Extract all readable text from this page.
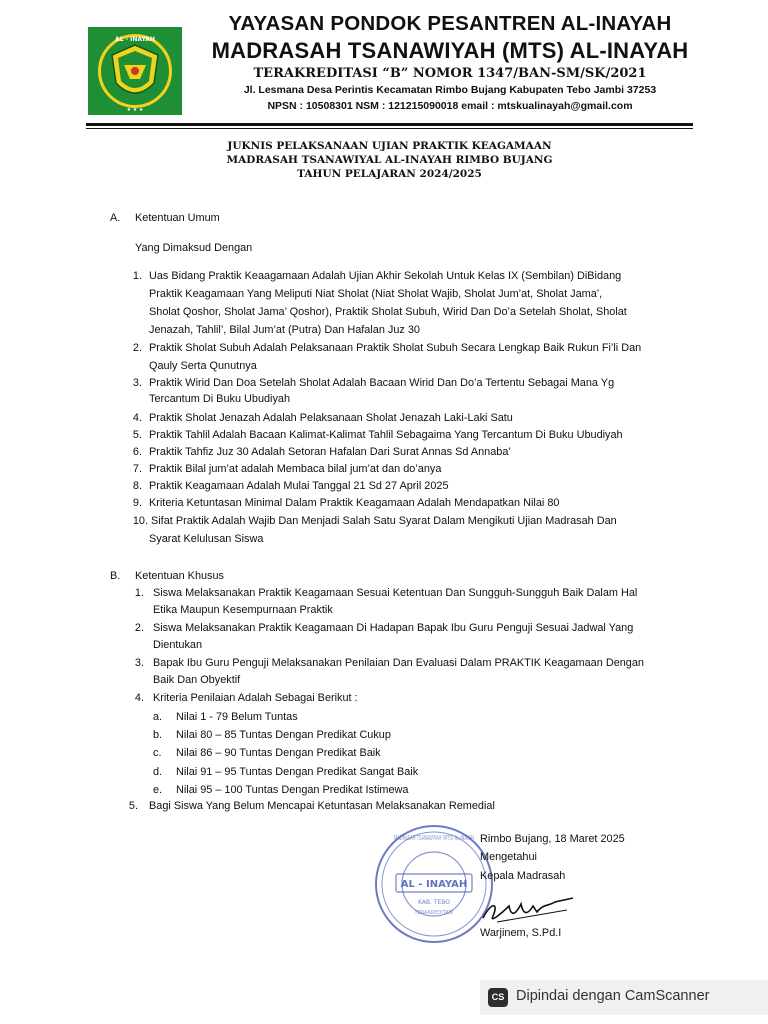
AL - INAYAH
★ ★ ★
YAYASAN PONDOK PESANTREN AL-INAYAH
MADRASAH TSANAWIYAH (MTS) AL-INAYAH
TERAKREDITASI “B” NOMOR 1347/BAN-SM/SK/2021
Jl. Lesmana Desa Perintis Kecamatan Rimbo Bujang Kabupaten Tebo Jambi 37253
NPSN : 10508301 NSM : 121215090018 email : mtskualinayah@gmail.com
JUKNIS PELAKSANAAN UJIAN PRAKTIK KEAGAMAAN
MADRASAH TSANAWIYAL AL-INAYAH RIMBO BUJANG
TAHUN PELAJARAN 2024/2025
A. Ketentuan Umum
Yang Dimaksud Dengan
1. Uas Bidang Praktik Keaagamaan Adalah Ujian Akhir Sekolah Untuk Kelas IX (Sembilan) DiBidang
Praktik Keagamaan Yang Meliputi Niat Sholat (Niat Sholat Wajib, Sholat Jum’at, Sholat Jama’,
Sholat Qoshor, Sholat Jama’ Qoshor), Praktik Sholat Subuh, Wirid Dan Do’a Setelah Sholat, Sholat
Jenazah, Tahlil’, Bilal Jum’at (Putra) Dan Hafalan Juz 30
2. Praktik Sholat Subuh Adalah Pelaksanaan Praktik Sholat Subuh Secara Lengkap Baik Rukun Fi’li Dan
Qauly Serta Qunutnya
3. Praktik Wirid Dan Doa Setelah Sholat Adalah Bacaan Wirid Dan Do’a Tertentu Sebagai Mana Yg
Tercantum Di Buku Ubudiyah
4. Praktik Sholat Jenazah Adalah Pelaksanaan Sholat Jenazah Laki-Laki Satu
5. Praktik Tahlil Adalah Bacaan Kalimat-Kalimat Tahlil Sebagaima Yang Tercantum Di Buku Ubudiyah
6. Praktik Tahfiz Juz 30 Adalah Setoran Hafalan Dari Surat Annas Sd Annaba’
7. Praktik Bilal jum’at adalah Membaca bilal jum’at dan do’anya
8. Praktik Keagamaan Adalah Mulai Tanggal 21 Sd 27 April 2025
9. Kriteria Ketuntasan Minimal Dalam Praktik Keagamaan Adalah Mendapatkan Nilai 80
10. Sifat Praktik Adalah Wajib Dan Menjadi Salah Satu Syarat Dalam Mengikuti Ujian Madrasah Dan
Syarat Kelulusan Siswa
B. Ketentuan Khusus
1. Siswa Melaksanakan Praktik Keagamaan Sesuai Ketentuan Dan Sungguh-Sungguh Baik Dalam Hal
Etika Maupun Kesempurnaan Praktik
2. Siswa Melaksanakan Praktik Keagamaan Di Hadapan Bapak Ibu Guru Penguji Sesuai Jadwal Yang
Dientukan
3. Bapak Ibu Guru Penguji Melaksanakan Penilaian Dan Evaluasi Dalam PRAKTIK Keagamaan Dengan
Baik Dan Obyektif
4. Kriteria Penilaian Adalah Sebagai Berikut :
a. Nilai 1 - 79 Belum Tuntas
b. Nilai 80 – 85 Tuntas Dengan Predikat Cukup
c. Nilai 86 – 90 Tuntas Dengan Predikat Baik
d. Nilai 91 – 95 Tuntas Dengan Predikat Sangat Baik
e. Nilai 95 – 100 Tuntas Dengan Predikat Istimewa
5. Bagi Siswa Yang Belum Mencapai Ketuntasan Melaksanakan Remedial
AL - INAYAH
KAB. TEBO
TERAKREDITASI
MADRASAH TSANAWIYAH (MTS) AL-INAYAH Rimbo Bujang, 18 Maret 2025
Mengetahui
Kepala Madrasah
Warjinem, S.Pd.I
CS Dipindai dengan CamScanner
